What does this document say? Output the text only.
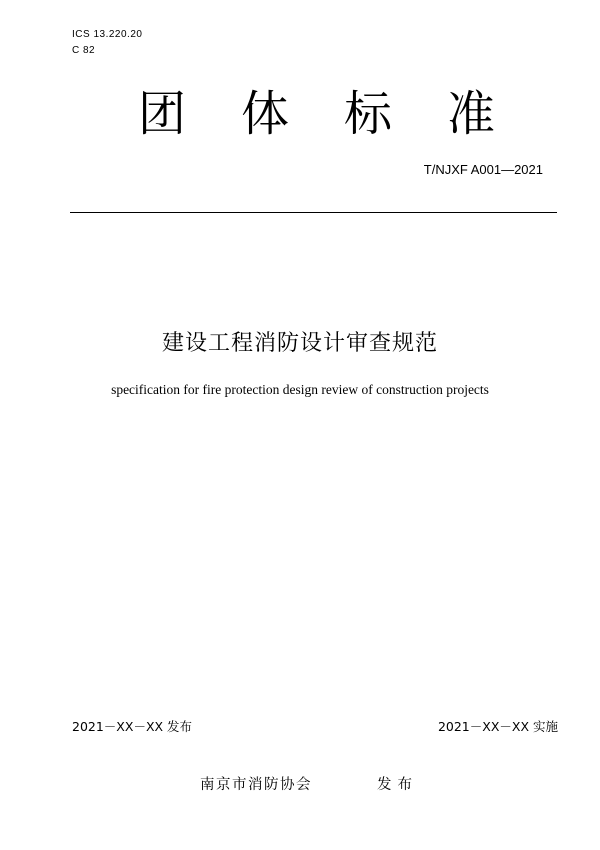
ICS 13.220.20
C 82
团 体 标 准
T/NJXF A001—2021
建设工程消防设计审查规范
specification for fire protection design review of construction projects
2021－XX－XX 发布	2021－XX－XX 实施
南京市消防协会	发布
